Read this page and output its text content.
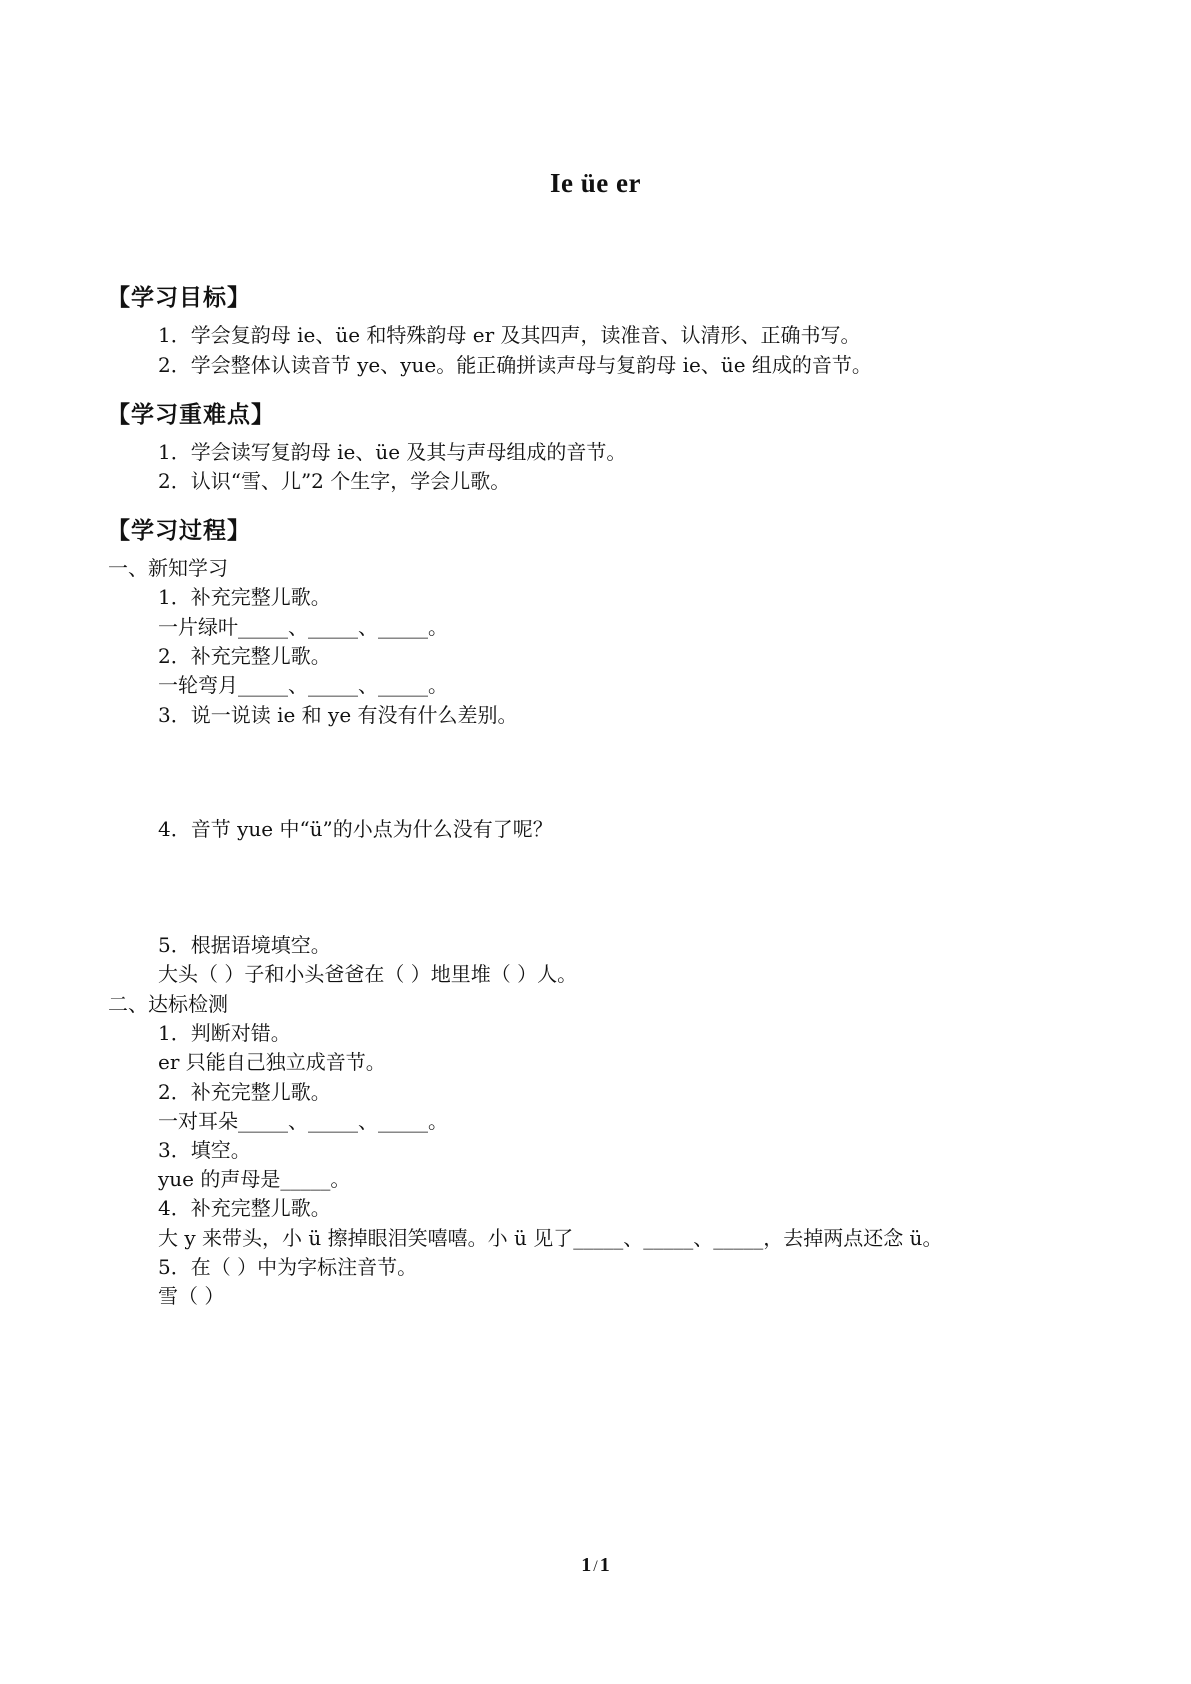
Ie üe er
【学习目标】
1．学会复韵母 ie、üe 和特殊韵母 er 及其四声，读准音、认清形、正确书写。
2．学会整体认读音节 ye、yue。能正确拼读声母与复韵母 ie、üe 组成的音节。
【学习重难点】
1．学会读写复韵母 ie、üe 及其与声母组成的音节。
2．认识“雪、儿”2 个生字，学会儿歌。
【学习过程】
一、新知学习
1．补充完整儿歌。
一片绿叶_____、_____、_____。
2．补充完整儿歌。
一轮弯月_____、_____、_____。
3．说一说读 ie 和 ye 有没有什么差别。
4．音节 yue 中“ü”的小点为什么没有了呢？
5．根据语境填空。
大头（ ）子和小头爸爸在（ ）地里堆（ ）人。
二、达标检测
1．判断对错。
er 只能自己独立成音节。
2．补充完整儿歌。
一对耳朵_____、_____、_____。
3．填空。
yue 的声母是_____。
4．补充完整儿歌。
大 y 来带头，小 ü 擦掉眼泪笑嘻嘻。小 ü 见了_____、_____、_____，去掉两点还念 ü。
5．在（ ）中为字标注音节。
雪（ ）
1 / 1
